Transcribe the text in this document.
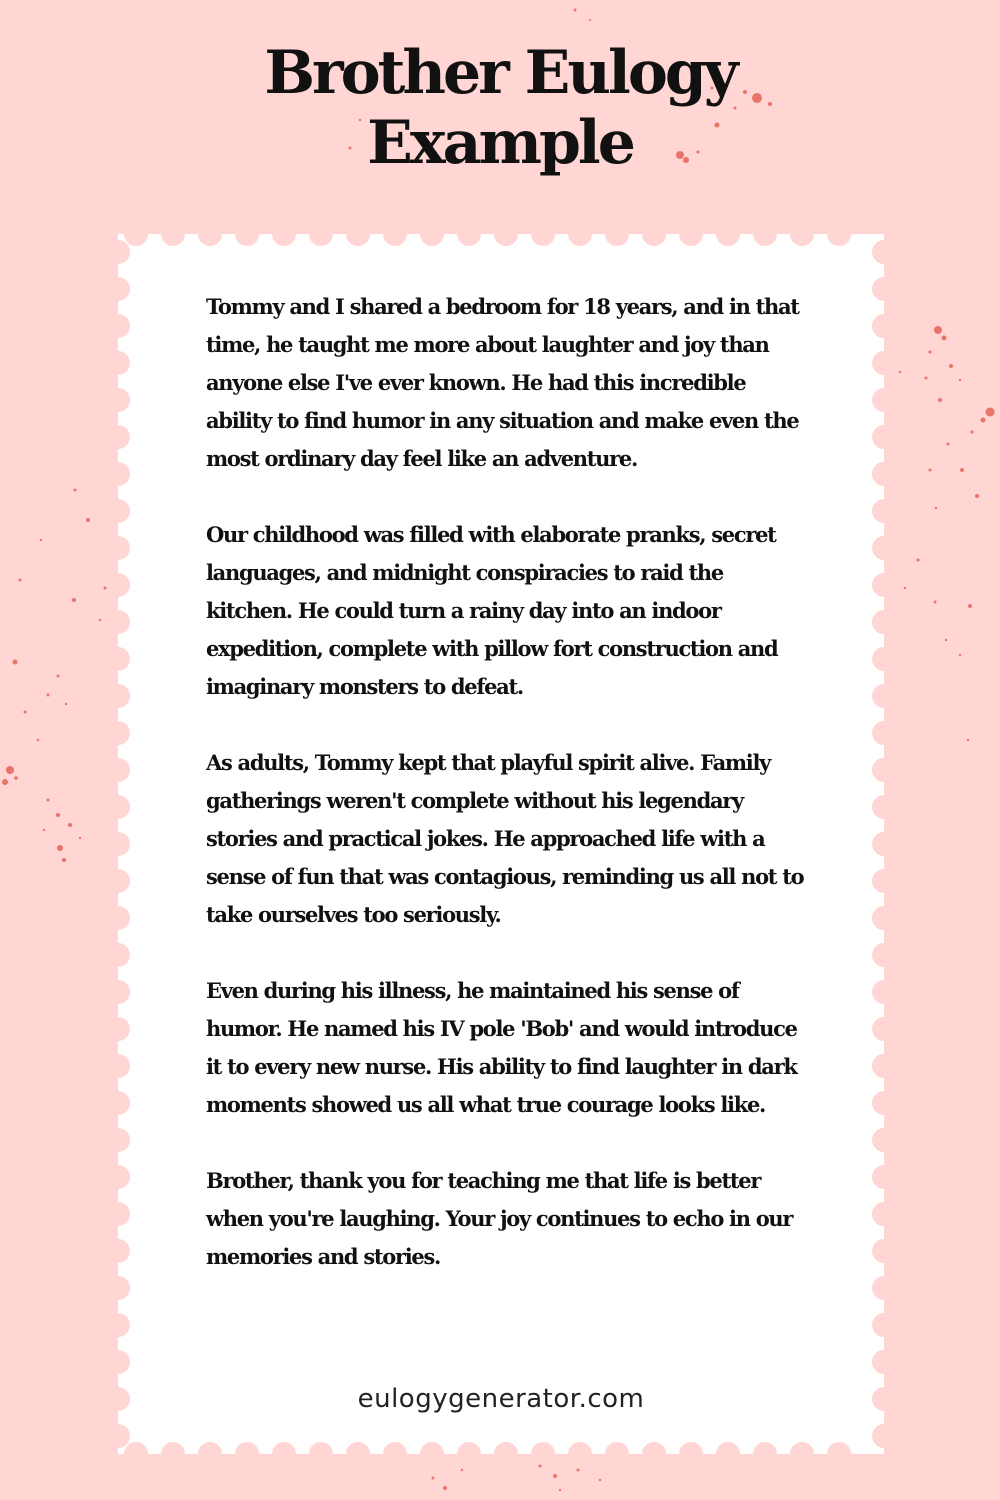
Brother Eulogy
Example

Tommy and I shared a bedroom for 18 years, and in that time, he taught me more about laughter and joy than anyone else I've ever known. He had this incredible ability to find humor in any situation and make even the most ordinary day feel like an adventure.

Our childhood was filled with elaborate pranks, secret languages, and midnight conspiracies to raid the kitchen. He could turn a rainy day into an indoor expedition, complete with pillow fort construction and imaginary monsters to defeat.

As adults, Tommy kept that playful spirit alive. Family gatherings weren't complete without his legendary stories and practical jokes. He approached life with a sense of fun that was contagious, reminding us all not to take ourselves too seriously.

Even during his illness, he maintained his sense of humor. He named his IV pole 'Bob' and would introduce it to every new nurse. His ability to find laughter in dark moments showed us all what true courage looks like.

Brother, thank you for teaching me that life is better when you're laughing. Your joy continues to echo in our memories and stories.

eulogygenerator.com
